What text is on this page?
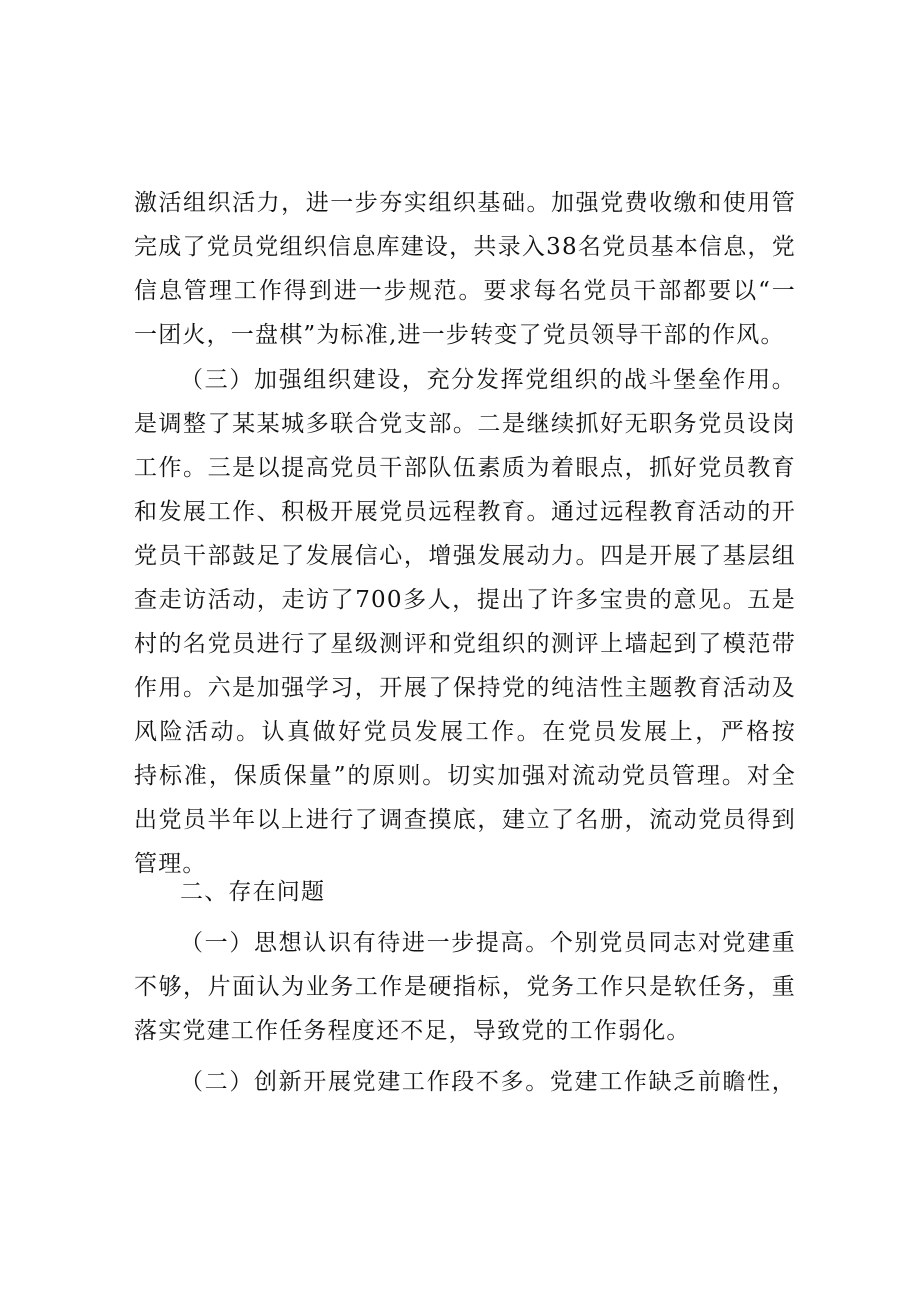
激活组织活力，进一步夯实组织基础。加强党费收缴和使用管
完成了党员党组织信息库建设，共录入38名党员基本信息，党
信息管理工作得到进一步规范。要求每名党员干部都要以“一
一团火，一盘棋”为标准,进一步转变了党员领导干部的作风。
（三）加强组织建设，充分发挥党组织的战斗堡垒作用。
是调整了某某城多联合党支部。二是继续抓好无职务党员设岗
工作。三是以提高党员干部队伍素质为着眼点，抓好党员教育
和发展工作、积极开展党员远程教育。通过远程教育活动的开
党员干部鼓足了发展信心，增强发展动力。四是开展了基层组
查走访活动，走访了700多人，提出了许多宝贵的意见。五是
村的名党员进行了星级测评和党组织的测评上墙起到了模范带
作用。六是加强学习，开展了保持党的纯洁性主题教育活动及
风险活动。认真做好党员发展工作。在党员发展上，严格按
持标准，保质保量”的原则。切实加强对流动党员管理。对全
出党员半年以上进行了调查摸底，建立了名册，流动党员得到
管理。
二、存在问题
（一）思想认识有待进一步提高。个别党员同志对党建重
不够，片面认为业务工作是硬指标，党务工作只是软任务，重
落实党建工作任务程度还不足，导致党的工作弱化。
（二）创新开展党建工作段不多。党建工作缺乏前瞻性，
